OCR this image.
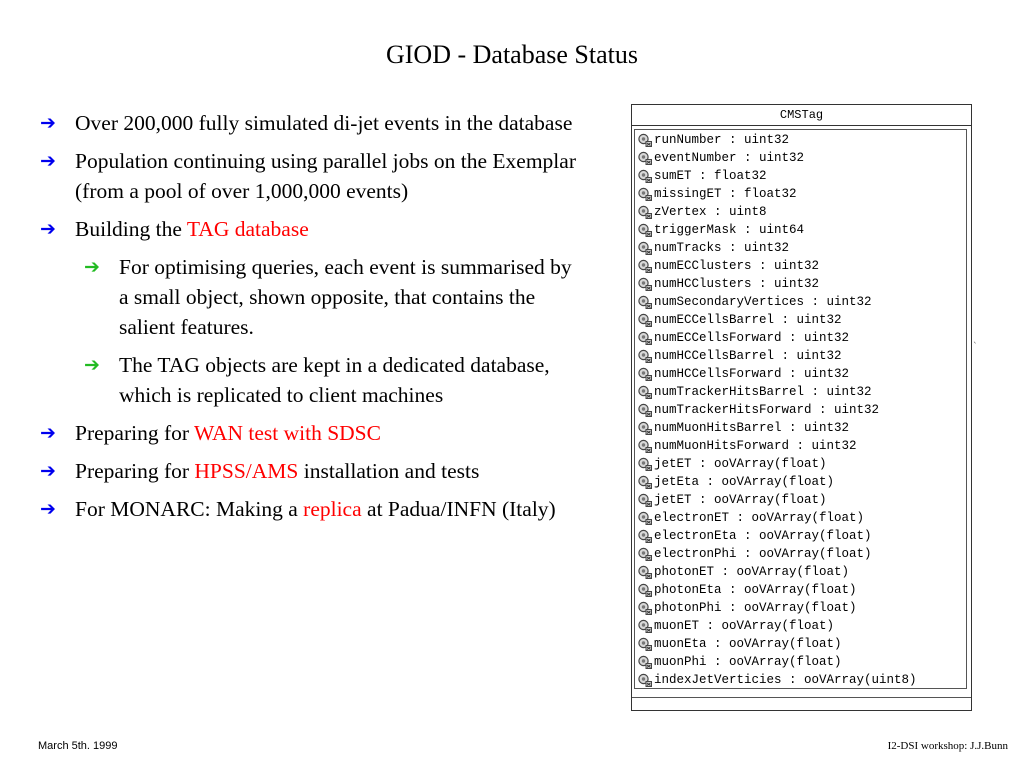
GIOD - Database Status
➔ Over 200,000 fully simulated di-jet events in the database
➔ Population continuing using parallel jobs on the Exemplar (from a pool of over 1,000,000 events)
➔ Building the TAG database
➔ For optimising queries, each event is summarised by a small object, shown opposite, that contains the salient features.
➔ The TAG objects are kept in a dedicated database, which is replicated to client machines
➔ Preparing for WAN test with SDSC
➔ Preparing for HPSS/AMS installation and tests
➔ For MONARC: Making a replica at Padua/INFN (Italy)
CMSTag
runNumber : uint32
eventNumber : uint32
sumET : float32
missingET : float32
zVertex : uint8
triggerMask : uint64
numTracks : uint32
numECClusters : uint32
numHCClusters : uint32
numSecondaryVertices : uint32
numECCellsBarrel : uint32
numECCellsForward : uint32
numHCCellsBarrel : uint32
numHCCellsForward : uint32
numTrackerHitsBarrel : uint32
numTrackerHitsForward : uint32
numMuonHitsBarrel : uint32
numMuonHitsForward : uint32
jetET : ooVArray(float)
jetEta : ooVArray(float)
jetET : ooVArray(float)
electronET : ooVArray(float)
electronEta : ooVArray(float)
electronPhi : ooVArray(float)
photonET : ooVArray(float)
photonEta : ooVArray(float)
photonPhi : ooVArray(float)
muonET : ooVArray(float)
muonEta : ooVArray(float)
muonPhi : ooVArray(float)
indexJetVerticies : ooVArray(uint8)
`
March 5th. 1999	I2-DSI workshop: J.J.Bunn
